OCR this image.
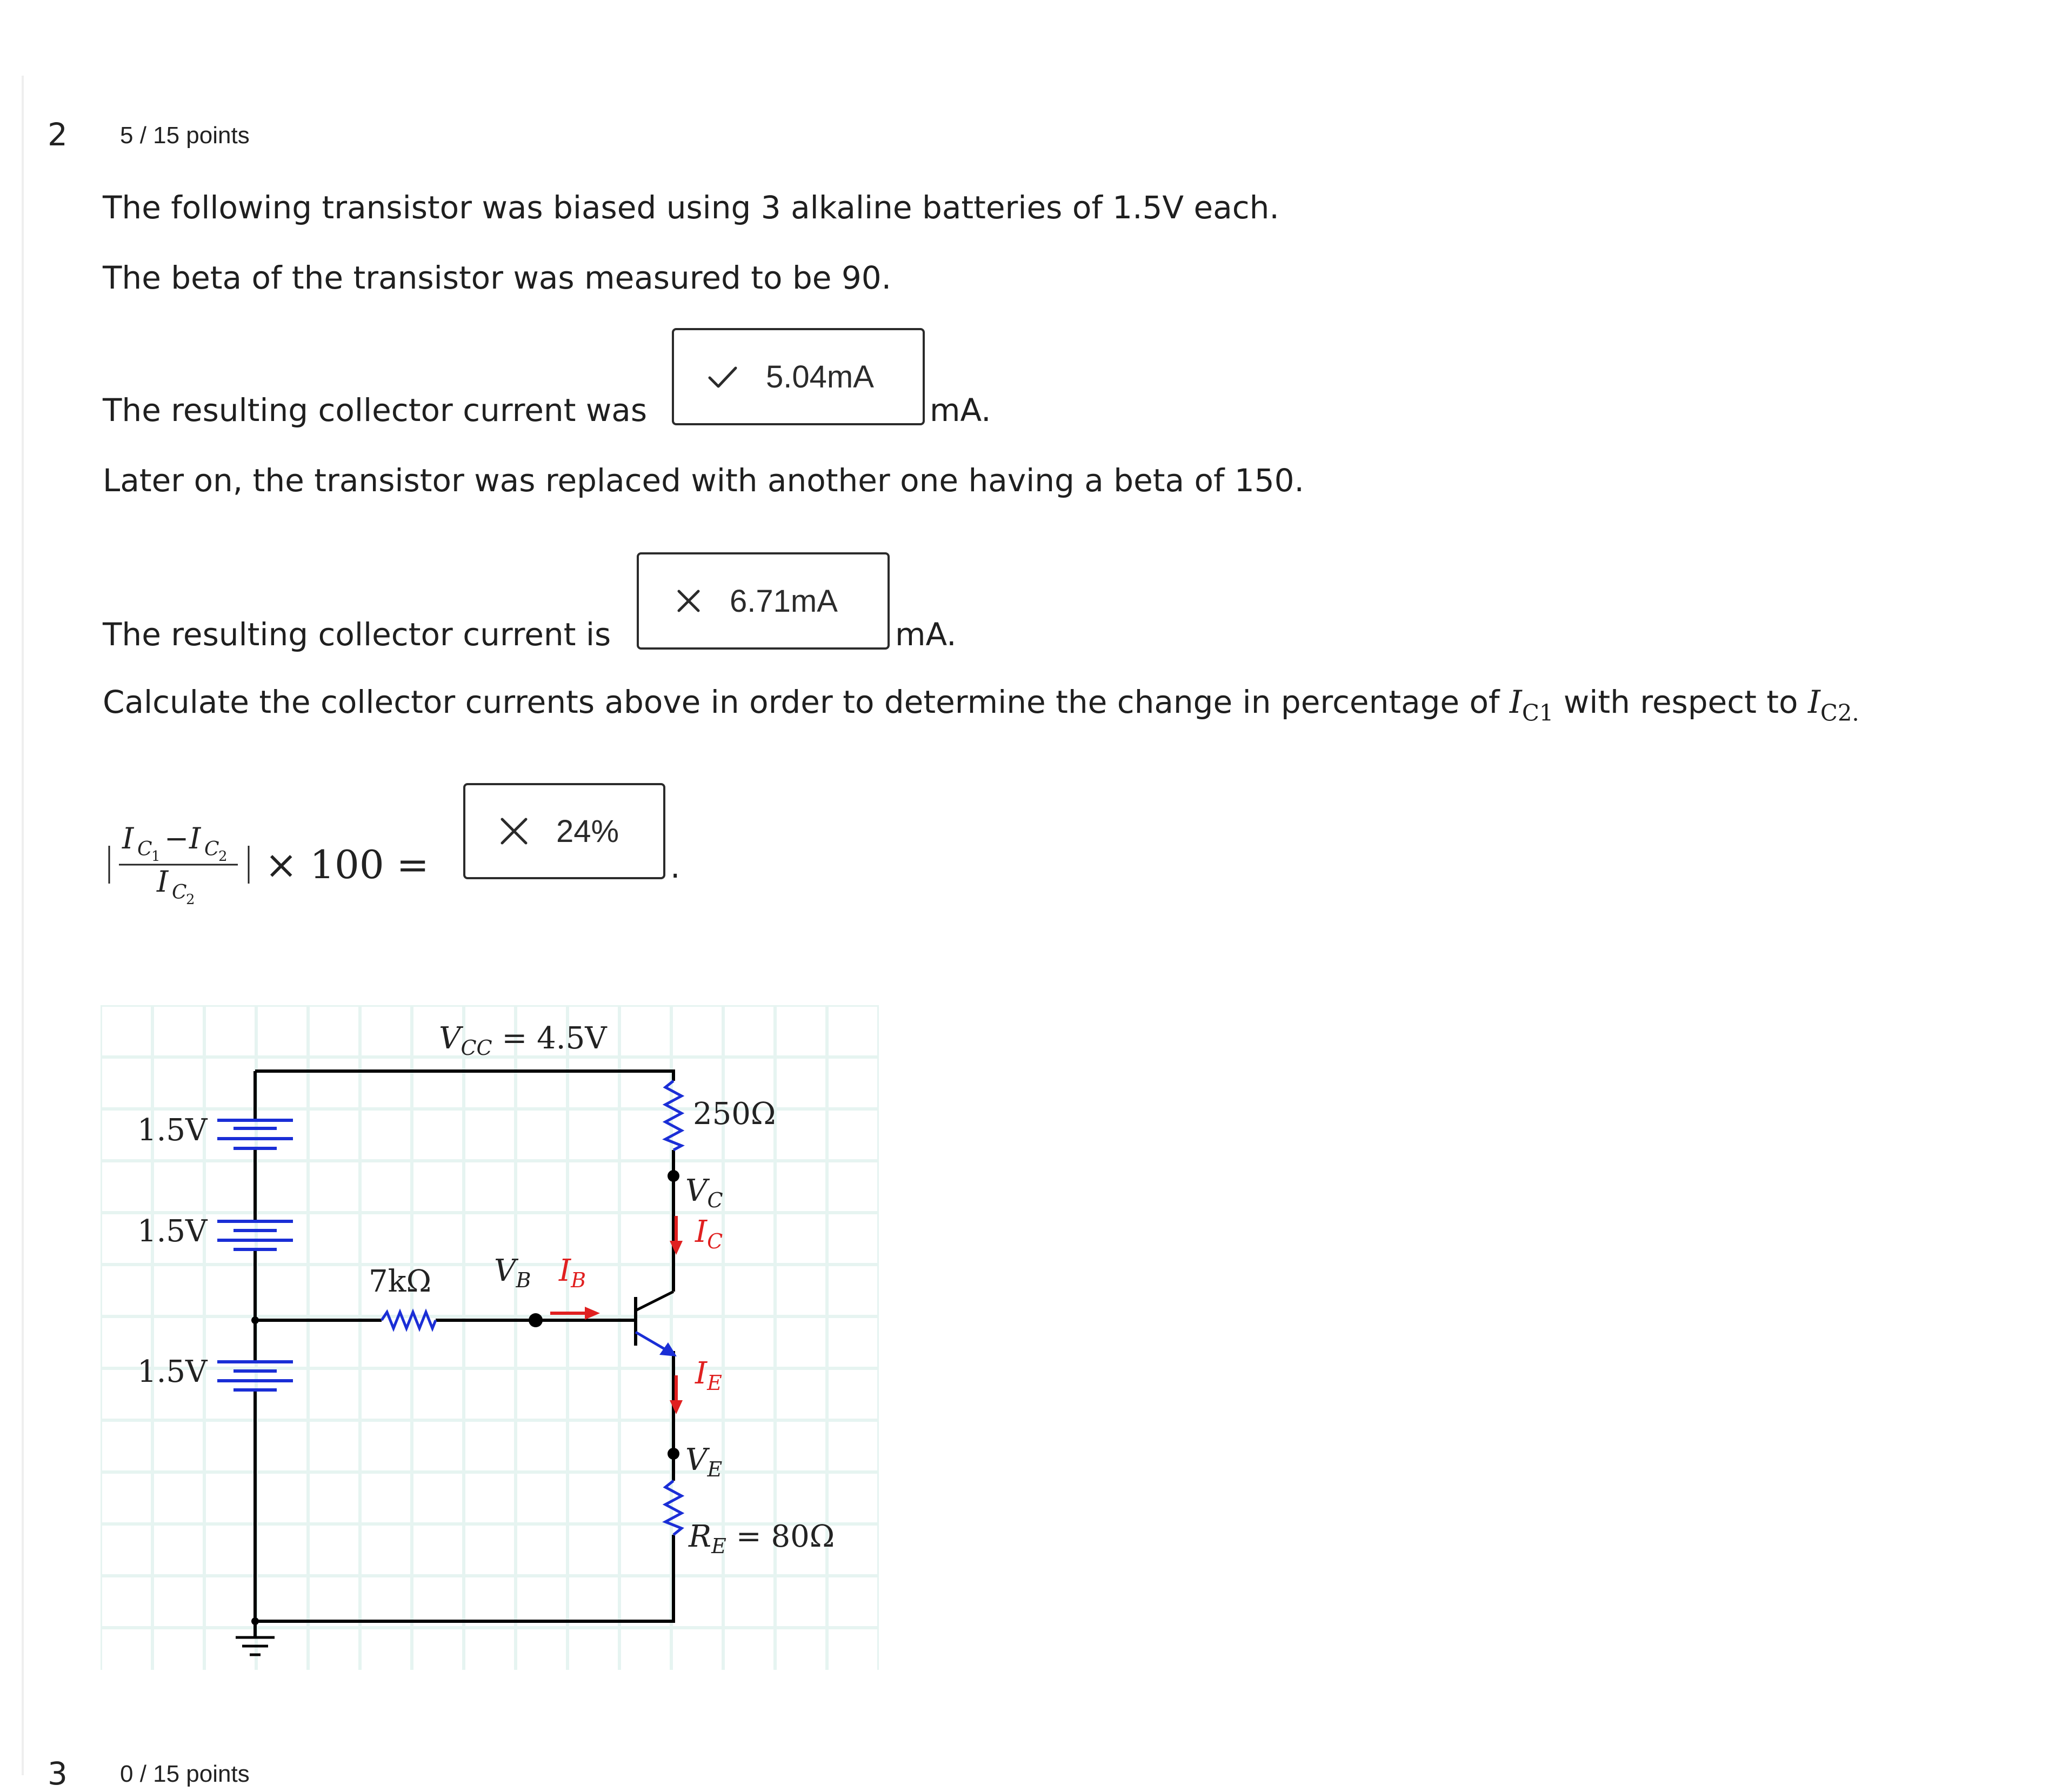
2 5 / 15 points
The following transistor was biased using 3 alkaline batteries of 1.5V each.
The beta of the transistor was measured to be 90.
The resulting collector current was
5.04mA
mA.
Later on, the transistor was replaced with another one having a beta of 150.
The resulting collector current is
6.71mA
mA.
Calculate the collector currents above in order to determine the change in percentage of $I_{C1}$ with respect to $I_{C2.}$
I C
1
− I C
2
I C
2
× 100 =
24%
.
$V_{CC} = 4.5V$
1.5V
1.5V
1.5V
7kΩ
250Ω
$V_C$
$V_B$
$V_E$
$R_E = 80\Omega$
$I_C$
$I_B$
$I_E$
3 0 / 15 points
